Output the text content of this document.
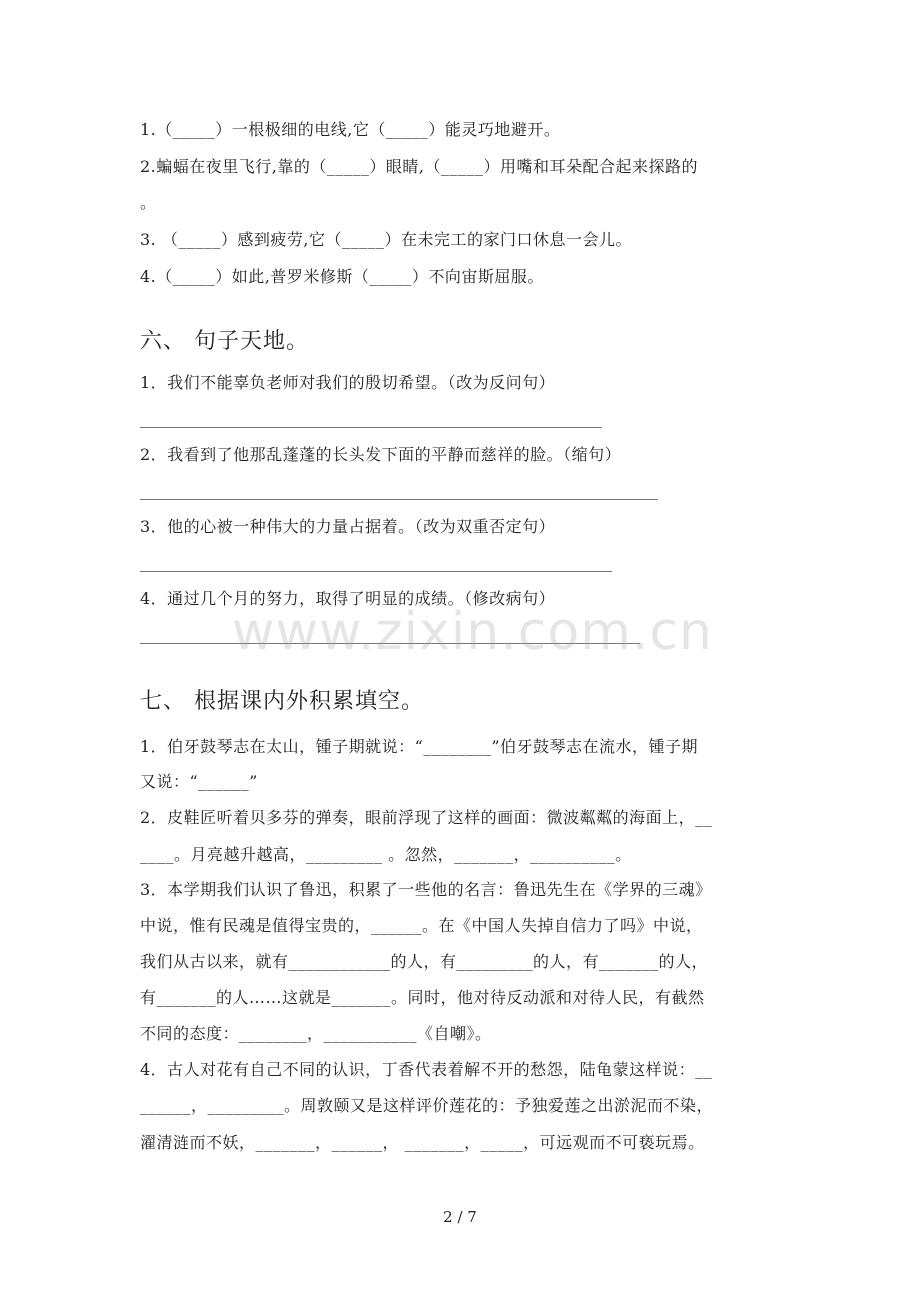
1.（_____）一根极细的电线,它（_____）能灵巧地避开。
2.蝙蝠在夜里飞行,靠的（_____）眼睛,（_____）用嘴和耳朵配合起来探路的
。
3. （_____）感到疲劳,它（_____）在未完工的家门口休息一会儿。
4.（_____）如此,普罗米修斯（_____）不向宙斯屈服。
六、 句子天地。
1．我们不能辜负老师对我们的殷切希望。（改为反问句）
2．我看到了他那乱蓬蓬的长头发下面的平静而慈祥的脸。（缩句）
3．他的心被一种伟大的力量占据着。（改为双重否定句）
4．通过几个月的努力，取得了明显的成绩。（修改病句）
www.zixin.com.cn
七、 根据课内外积累填空。
1．伯牙鼓琴志在太山，锺子期就说：“________”伯牙鼓琴志在流水，锺子期
又说：“______”
2．皮鞋匠听着贝多芬的弹奏，眼前浮现了这样的画面：微波粼粼的海面上，__
____。月亮越升越高，_________ 。忽然，_______，__________。
3．本学期我们认识了鲁迅，积累了一些他的名言：鲁迅先生在《学界的三魂》
中说，惟有民魂是值得宝贵的，______。在《中国人失掉自信力了吗》中说，
我们从古以来，就有____________的人，有_________的人，有_______的人，
有_______的人……这就是_______。同时，他对待反动派和对待人民，有截然
不同的态度：________，___________《自嘲》。
4．古人对花有自己不同的认识，丁香代表着解不开的愁怨，陆龟蒙这样说：__
______，_________。周敦颐又是这样评价莲花的：予独爱莲之出淤泥而不染，
濯清涟而不妖，_______，______， _______，_____，可远观而不可亵玩焉。
2 / 7
